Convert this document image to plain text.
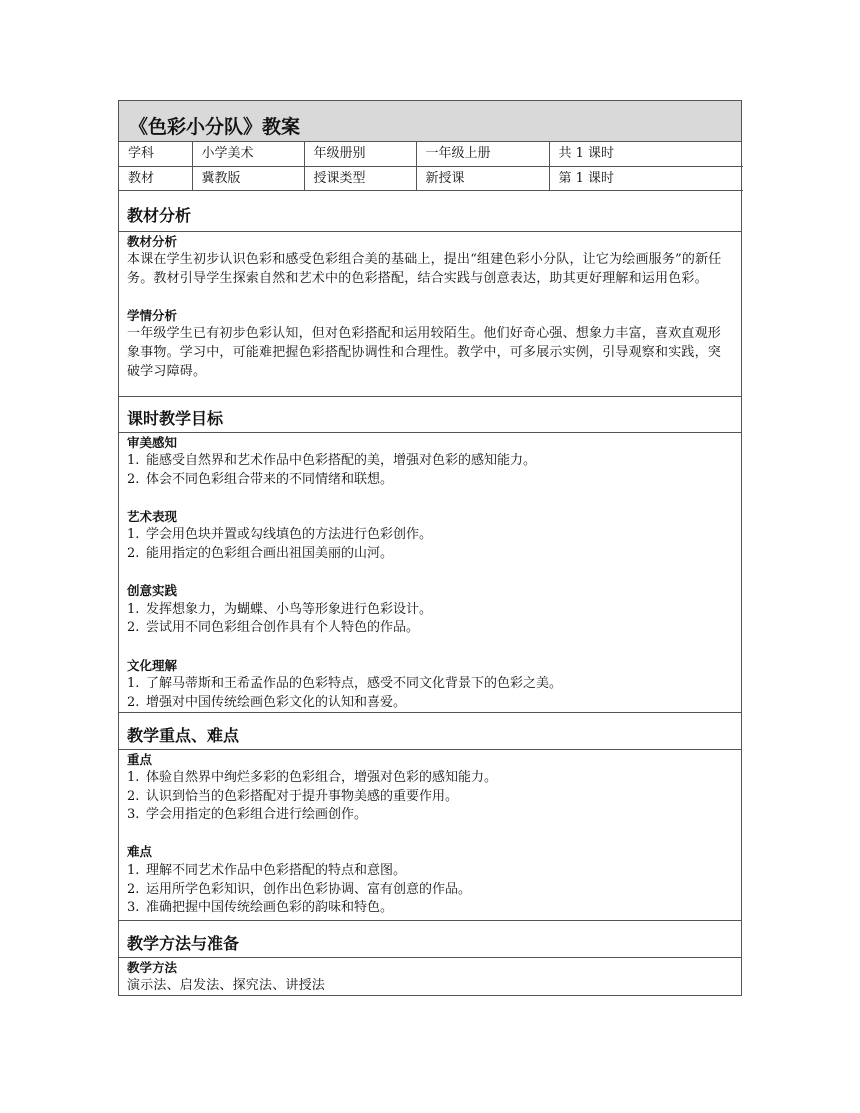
《色彩小分队》教案
学科	小学美术	年级册别	一年级上册	共 1 课时
教材	冀教版	授课类型	新授课	第 1 课时
教材分析
教材分析
本课在学生初步认识色彩和感受色彩组合美的基础上，提出“组建色彩小分队，让它为绘画服务”的新任务。教材引导学生探索自然和艺术中的色彩搭配，结合实践与创意表达，助其更好理解和运用色彩。
学情分析
一年级学生已有初步色彩认知，但对色彩搭配和运用较陌生。他们好奇心强、想象力丰富，喜欢直观形象事物。学习中，可能难把握色彩搭配协调性和合理性。教学中，可多展示实例，引导观察和实践，突破学习障碍。
课时教学目标
审美感知
1. 能感受自然界和艺术作品中色彩搭配的美，增强对色彩的感知能力。
2. 体会不同色彩组合带来的不同情绪和联想。
艺术表现
1. 学会用色块并置或勾线填色的方法进行色彩创作。
2. 能用指定的色彩组合画出祖国美丽的山河。
创意实践
1. 发挥想象力，为蝴蝶、小鸟等形象进行色彩设计。
2. 尝试用不同色彩组合创作具有个人特色的作品。
文化理解
1. 了解马蒂斯和王希孟作品的色彩特点，感受不同文化背景下的色彩之美。
2. 增强对中国传统绘画色彩文化的认知和喜爱。
教学重点、难点
重点
1. 体验自然界中绚烂多彩的色彩组合，增强对色彩的感知能力。
2. 认识到恰当的色彩搭配对于提升事物美感的重要作用。
3. 学会用指定的色彩组合进行绘画创作。
难点
1. 理解不同艺术作品中色彩搭配的特点和意图。
2. 运用所学色彩知识，创作出色彩协调、富有创意的作品。
3. 准确把握中国传统绘画色彩的韵味和特色。
教学方法与准备
教学方法
演示法、启发法、探究法、讲授法
